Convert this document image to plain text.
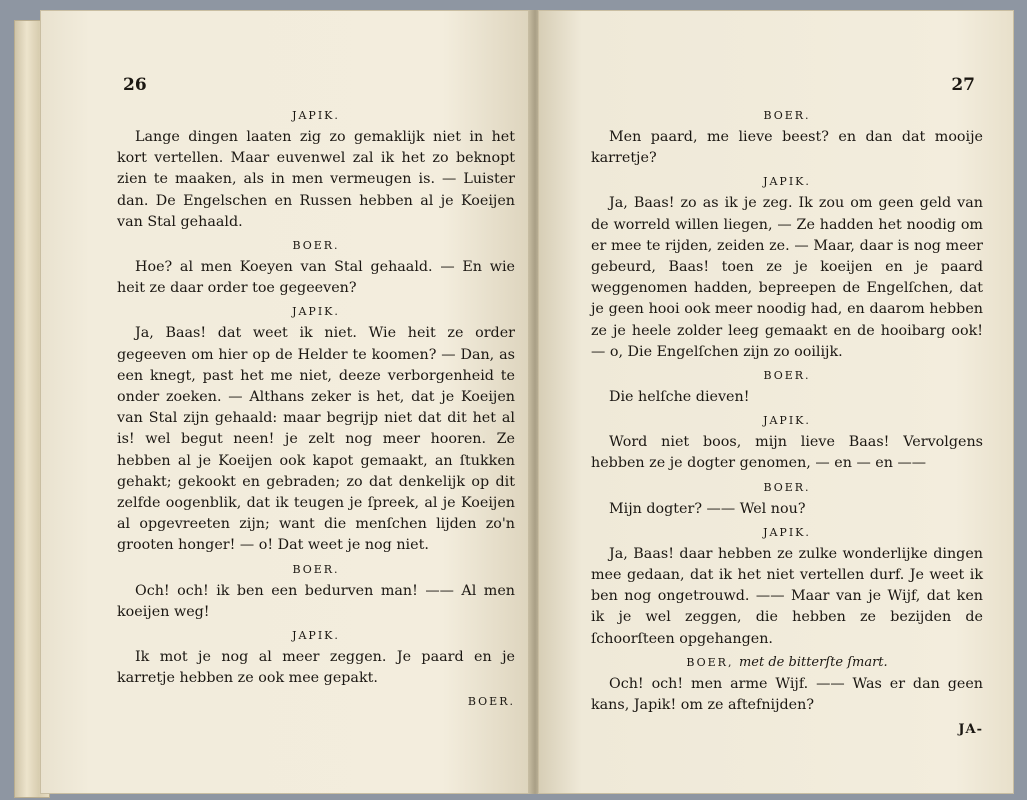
26
JAPIK.

Lange dingen laaten zig zo gemaklijk niet in het kort vertellen. Maar euvenwel zal ik het zo beknopt zien te maaken, als in men vermeugen is. — Luister dan. De Engelschen en Russen hebben al je Koeijen van Stal gehaald.

BOER.

Hoe? al men Koeyen van Stal gehaald. — En wie heit ze daar order toe gegeeven?

JAPIK.

Ja, Baas! dat weet ik niet. Wie heit ze order gegeeven om hier op de Helder te koomen? — Dan, as een knegt, past het me niet, deeze verborgenheid te onder zoeken. — Althans zeker is het, dat je Koeijen van Stal zijn gehaald: maar begrijp niet dat dit het al is! wel begut neen! je zelt nog meer hooren. Ze hebben al je Koeijen ook kapot gemaakt, an ſtukken gehakt; gekookt en gebraden; zo dat denkelijk op dit zelfde oogenblik, dat ik teugen je ſpreek, al je Koeijen al opgevreeten zijn; want die menſchen lijden zo'n grooten honger! — o! Dat weet je nog niet.

BOER.

Och! och! ik ben een bedurven man! —— Al men koeijen weg!

JAPIK.

Ik mot je nog al meer zeggen. Je paard en je karretje hebben ze ook mee gepakt.

BOER.
27
BOER.

Men paard, me lieve beest? en dan dat mooije karretje?

JAPIK.

Ja, Baas! zo as ik je zeg. Ik zou om geen geld van de worreld willen liegen, — Ze hadden het noodig om er mee te rijden, zeiden ze. — Maar, daar is nog meer gebeurd, Baas! toen ze je koeijen en je paard weggenomen hadden, bepreepen de Engelſchen, dat je geen hooi ook meer noodig had, en daarom hebben ze je heele zolder leeg gemaakt en de hooibarg ook! — o, Die Engelſchen zijn zo ooilijk.

BOER.

Die helſche dieven!

JAPIK.

Word niet boos, mijn lieve Baas! Vervolgens hebben ze je dogter genomen, — en — en ——

BOER.

Mijn dogter? —— Wel nou?

JAPIK.

Ja, Baas! daar hebben ze zulke wonderlijke dingen mee gedaan, dat ik het niet vertellen durf. Je weet ik ben nog ongetrouwd. —— Maar van je Wijf, dat ken ik je wel zeggen, die hebben ze bezijden de ſchoorſteen opgehangen.

BOER, met de bitterſte ſmart.

Och! och! men arme Wijf. —— Was er dan geen kans, Japik! om ze aftefnijden?

JA-
